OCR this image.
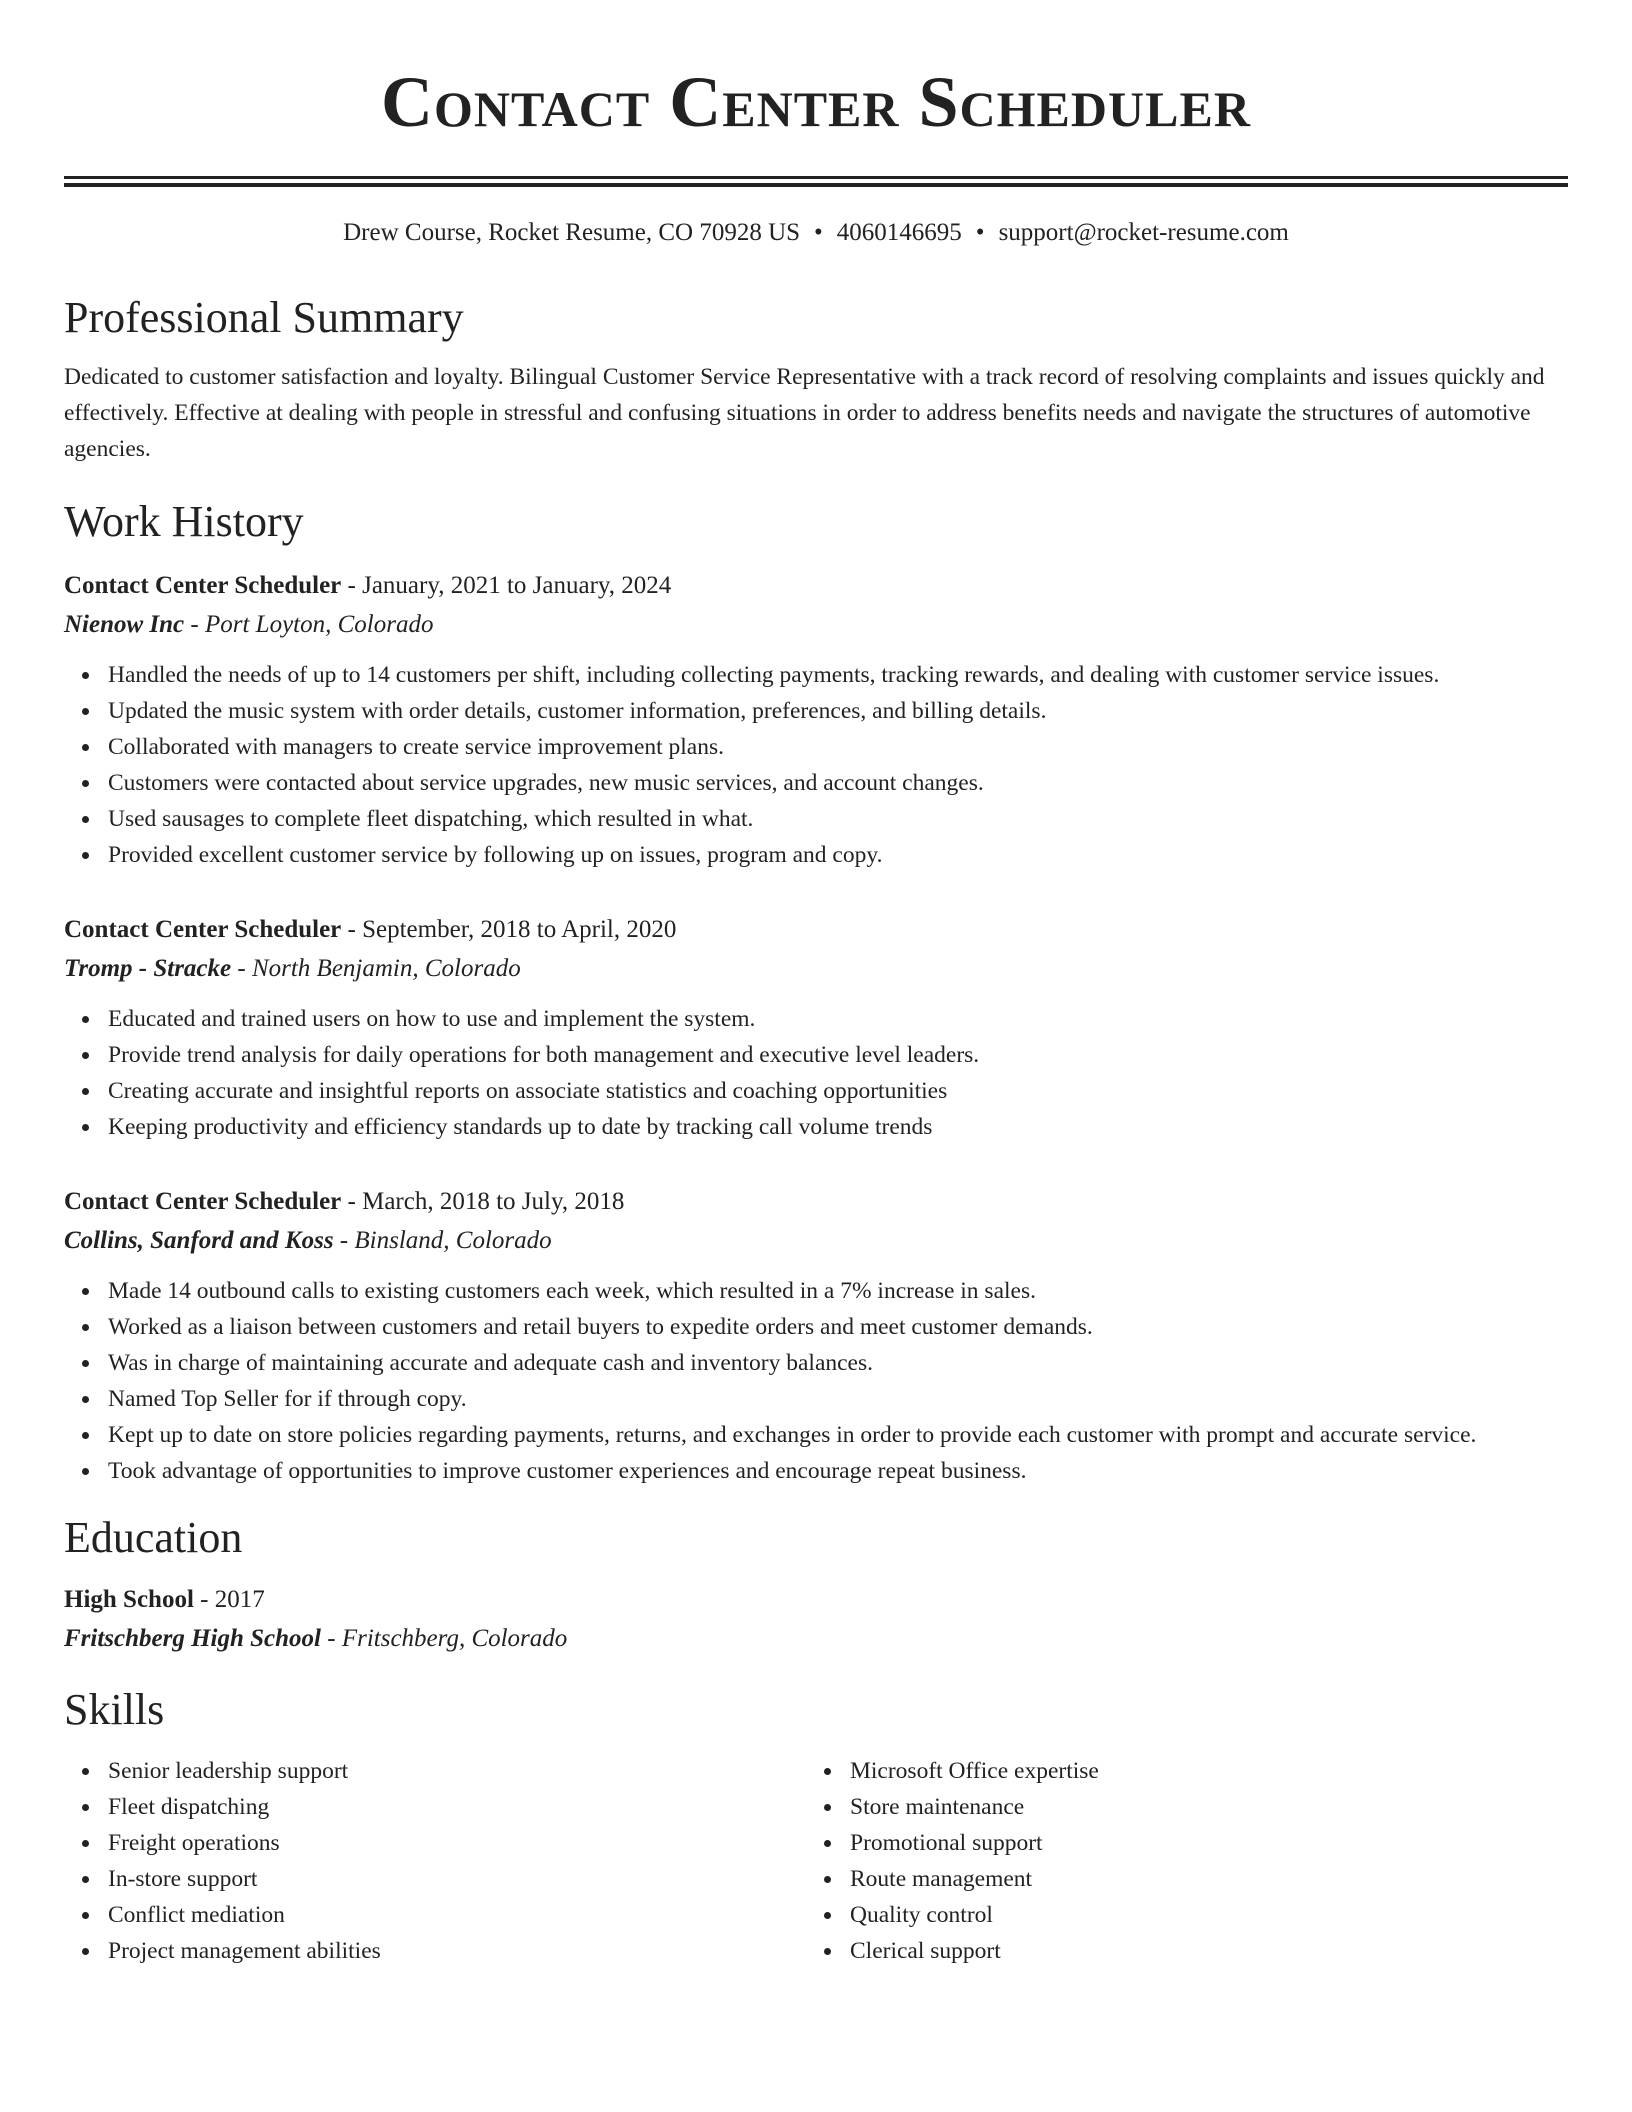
Contact Center Scheduler
Drew Course, Rocket Resume, CO 70928 US • 4060146695 • support@rocket-resume.com
Professional Summary

Dedicated to customer satisfaction and loyalty. Bilingual Customer Service Representative with a track record of resolving complaints and issues quickly and effectively. Effective at dealing with people in stressful and confusing situations in order to address benefits needs and navigate the structures of automotive agencies.

Work History
Contact Center Scheduler - January, 2021 to January, 2024
Nienow Inc - Port Loyton, Colorado
Handled the needs of up to 14 customers per shift, including collecting payments, tracking rewards, and dealing with customer service issues.
Updated the music system with order details, customer information, preferences, and billing details.
Collaborated with managers to create service improvement plans.
Customers were contacted about service upgrades, new music services, and account changes.
Used sausages to complete fleet dispatching, which resulted in what.
Provided excellent customer service by following up on issues, program and copy.
Contact Center Scheduler - September, 2018 to April, 2020
Tromp - Stracke - North Benjamin, Colorado
Educated and trained users on how to use and implement the system.
Provide trend analysis for daily operations for both management and executive level leaders.
Creating accurate and insightful reports on associate statistics and coaching opportunities
Keeping productivity and efficiency standards up to date by tracking call volume trends
Contact Center Scheduler - March, 2018 to July, 2018
Collins, Sanford and Koss - Binsland, Colorado
Made 14 outbound calls to existing customers each week, which resulted in a 7% increase in sales.
Worked as a liaison between customers and retail buyers to expedite orders and meet customer demands.
Was in charge of maintaining accurate and adequate cash and inventory balances.
Named Top Seller for if through copy.
Kept up to date on store policies regarding payments, returns, and exchanges in order to provide each customer with prompt and accurate service.
Took advantage of opportunities to improve customer experiences and encourage repeat business.
Education
High School - 2017
Fritschberg High School - Fritschberg, Colorado
Skills
Senior leadership support
Fleet dispatching
Freight operations
In-store support
Conflict mediation
Project management abilities
Microsoft Office expertise
Store maintenance
Promotional support
Route management
Quality control
Clerical support
